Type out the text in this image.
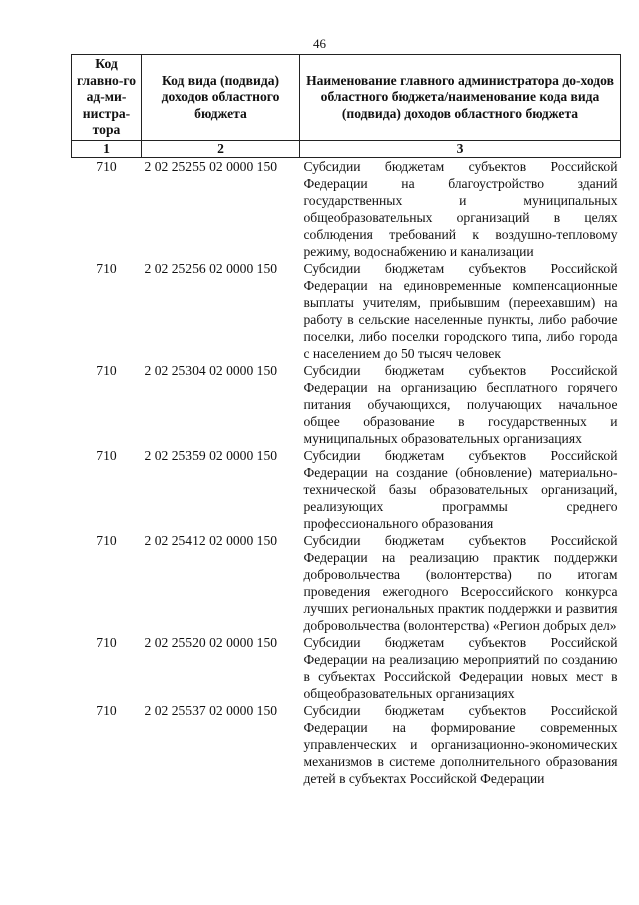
46
Код главно-го ад-ми-нистра-тора	Код вида (подвида) доходов областного бюджета	Наименование главного администратора до-ходов областного бюджета/наименование кода вида (подвида) доходов областного бюджета
1	2	3
710	2 02 25255 02 0000 150	Субсидии бюджетам субъектов Российской Федерации на благоустройство зданий государственных и муниципальных общеобразовательных организаций в целях соблюдения требований к воздушно-тепловому режиму, водоснабжению и канализации
710	2 02 25256 02 0000 150	Субсидии бюджетам субъектов Российской Федерации на единовременные компенсационные выплаты учителям, прибывшим (переехавшим) на работу в сельские населенные пункты, либо рабочие поселки, либо поселки городского типа, либо города с населением до 50 тысяч человек
710	2 02 25304 02 0000 150	Субсидии бюджетам субъектов Российской Федерации на организацию бесплатного горячего питания обучающихся, получающих начальное общее образование в государственных и муниципальных образовательных организациях
710	2 02 25359 02 0000 150	Субсидии бюджетам субъектов Российской Федерации на создание (обновление) материально-технической базы образовательных организаций, реализующих программы среднего профессионального образования
710	2 02 25412 02 0000 150	Субсидии бюджетам субъектов Российской Федерации на реализацию практик поддержки добровольчества (волонтерства) по итогам проведения ежегодного Всероссийского конкурса лучших региональных практик поддержки и развития добровольчества (волонтерства) «Регион добрых дел»
710	2 02 25520 02 0000 150	Субсидии бюджетам субъектов Российской Федерации на реализацию мероприятий по созданию в субъектах Российской Федерации новых мест в общеобразовательных организациях
710	2 02 25537 02 0000 150	Субсидии бюджетам субъектов Российской Федерации на формирование современных управленческих и организационно-экономических механизмов в системе дополнительного образования детей в субъектах Российской Федерации
